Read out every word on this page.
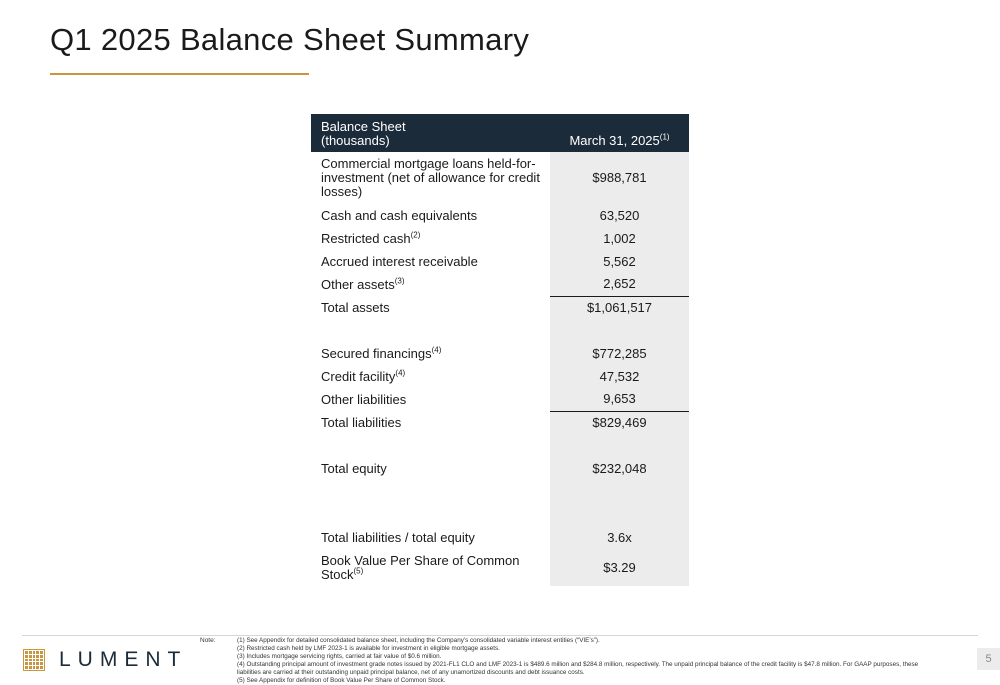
Q1 2025 Balance Sheet Summary
Balance Sheet
(thousands)	March 31, 2025$^{(1)}$
Commercial mortgage loans held-for-investment (net of allowance for credit losses)	$988,781
Cash and cash equivalents	63,520
Restricted cash$^{(2)}$	1,002
Accrued interest receivable	5,562
Other assets$^{(3)}$	2,652
Total assets	$1,061,517

Secured financings$^{(4)}$	$772,285
Credit facility$^{(4)}$	47,532
Other liabilities	9,653
Total liabilities	$829,469

Total equity	$232,048

Total liabilities / total equity	3.6x
Book Value Per Share of Common Stock$^{(5)}$	$3.29
LUMENT
Note:	(1) See Appendix for detailed consolidated balance sheet, including the Company’s consolidated variable interest entities (“VIE’s”).
(2) Restricted cash held by LMF 2023-1 is available for investment in eligible mortgage assets.
(3) Includes mortgage servicing rights, carried at fair value of $0.6 million.
(4) Outstanding principal amount of investment grade notes issued by 2021-FL1 CLO and LMF 2023-1 is $489.6 million and $284.8 million, respectively. The unpaid principal balance of the credit facility is $47.8 million. For GAAP purposes, these liabilities are carried at their outstanding unpaid principal balance, net of any unamortized discounts and debt issuance costs.
(5) See Appendix for definition of Book Value Per Share of Common Stock.
5
